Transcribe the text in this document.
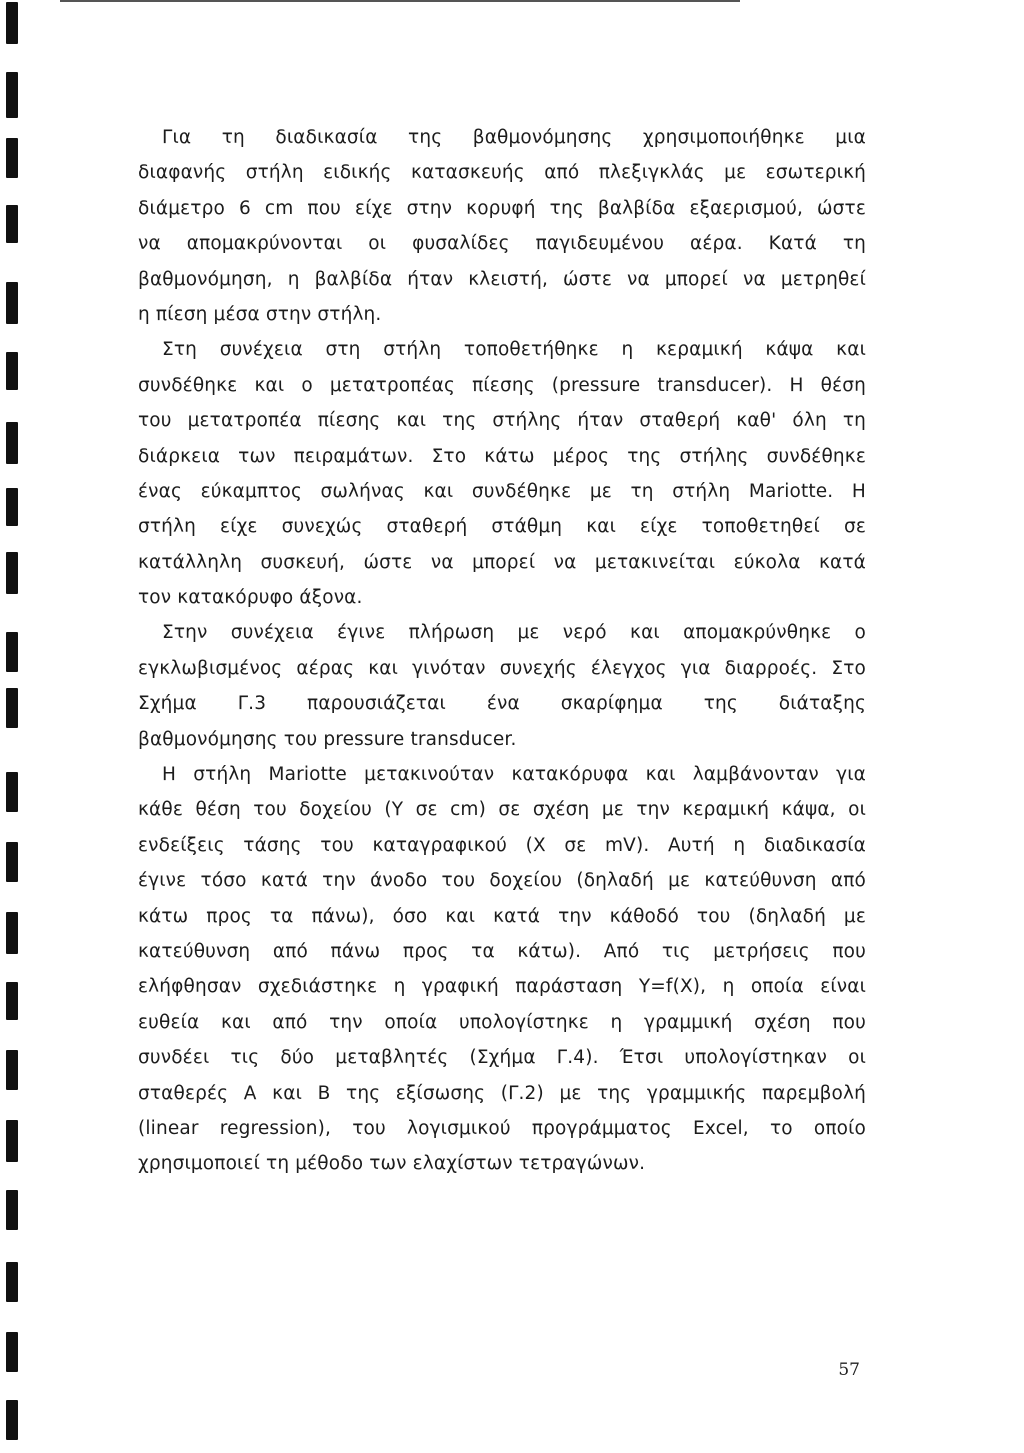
Για τη διαδικασία της βαθμονόμησης χρησιμοποιήθηκε μια
διαφανής στήλη ειδικής κατασκευής από πλεξιγκλάς με εσωτερική
διάμετρο 6 cm που είχε στην κορυφή της βαλβίδα εξαερισμού, ώστε
να απομακρύνονται οι φυσαλίδες παγιδευμένου αέρα. Κατά τη
βαθμονόμηση, η βαλβίδα ήταν κλειστή, ώστε να μπορεί να μετρηθεί
η πίεση μέσα στην στήλη.
Στη συνέχεια στη στήλη τοποθετήθηκε η κεραμική κάψα και
συνδέθηκε και ο μετατροπέας πίεσης (pressure transducer). Η θέση
του μετατροπέα πίεσης και της στήλης ήταν σταθερή καθ' όλη τη
διάρκεια των πειραμάτων. Στο κάτω μέρος της στήλης συνδέθηκε
ένας εύκαμπτος σωλήνας και συνδέθηκε με τη στήλη Mariotte. Η
στήλη είχε συνεχώς σταθερή στάθμη και είχε τοποθετηθεί σε
κατάλληλη συσκευή, ώστε να μπορεί να μετακινείται εύκολα κατά
τον κατακόρυφο άξονα.
Στην συνέχεια έγινε πλήρωση με νερό και απομακρύνθηκε ο
εγκλωβισμένος αέρας και γινόταν συνεχής έλεγχος για διαρροές. Στο
Σχήμα Γ.3 παρουσιάζεται ένα σκαρίφημα της διάταξης
βαθμονόμησης του pressure transducer.
Η στήλη Mariotte μετακινούταν κατακόρυφα και λαμβάνονταν για
κάθε θέση του δοχείου (Υ σε cm) σε σχέση με την κεραμική κάψα, οι
ενδείξεις τάσης του καταγραφικού (Χ σε mV). Αυτή η διαδικασία
έγινε τόσο κατά την άνοδο του δοχείου (δηλαδή με κατεύθυνση από
κάτω προς τα πάνω), όσο και κατά την κάθοδό του (δηλαδή με
κατεύθυνση από πάνω προς τα κάτω). Από τις μετρήσεις που
ελήφθησαν σχεδιάστηκε η γραφική παράσταση Υ=f(X), η οποία είναι
ευθεία και από την οποία υπολογίστηκε η γραμμική σχέση που
συνδέει τις δύο μεταβλητές (Σχήμα Γ.4). Έτσι υπολογίστηκαν οι
σταθερές Α και Β της εξίσωσης (Γ.2) με της γραμμικής παρεμβολή
(linear regression), του λογισμικού προγράμματος Excel, το οποίο
χρησιμοποιεί τη μέθοδο των ελαχίστων τετραγώνων.
57
